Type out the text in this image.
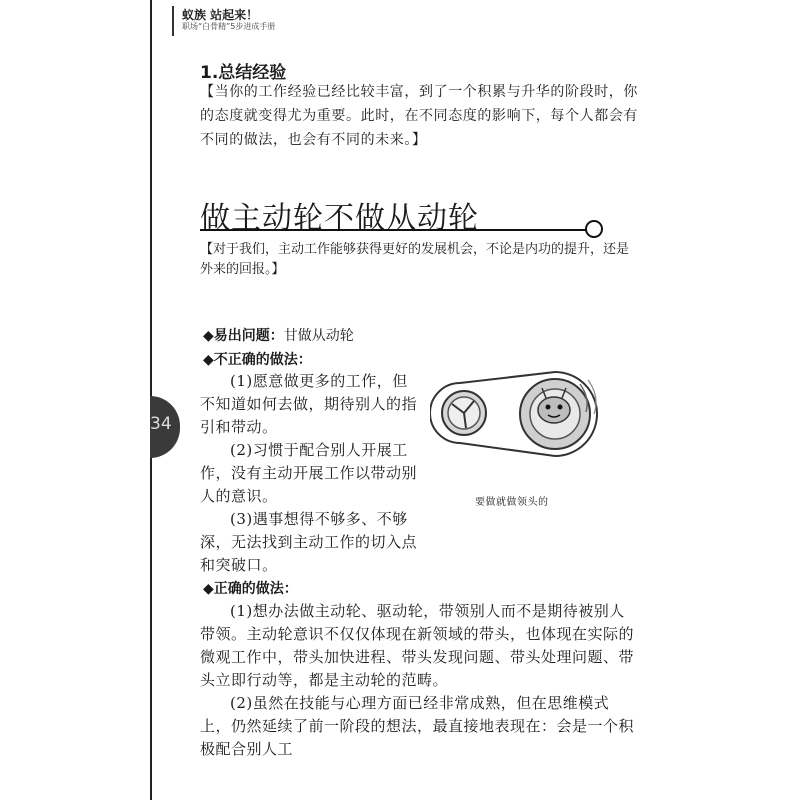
蚁族 站起来！
职场“白骨精”5步进成手册
1.总结经验
【当你的工作经验已经比较丰富，到了一个积累与升华的阶段时，你的态度就变得尤为重要。此时，在不同态度的影响下，每个人都会有不同的做法，也会有不同的未来。】
做主动轮不做从动轮
【对于我们，主动工作能够获得更好的发展机会，不论是内功的提升，还是外来的回报。】
◆易出问题：甘做从动轮
◆不正确的做法：
(1)愿意做更多的工作，但不知道如何去做，期待别人的指引和带动。
(2)习惯于配合别人开展工作，没有主动开展工作以带动别人的意识。
(3)遇事想得不够多、不够深，无法找到主动工作的切入点和突破口。
34
要做就做领头的
◆正确的做法：
(1)想办法做主动轮、驱动轮，带领别人而不是期待被别人带领。主动轮意识不仅仅体现在新领域的带头，也体现在实际的微观工作中，带头加快进程、带头发现问题、带头处理问题、带头立即行动等，都是主动轮的范畴。
(2)虽然在技能与心理方面已经非常成熟，但在思维模式上，仍然延续了前一阶段的想法，最直接地表现在：会是一个积极配合别人工
